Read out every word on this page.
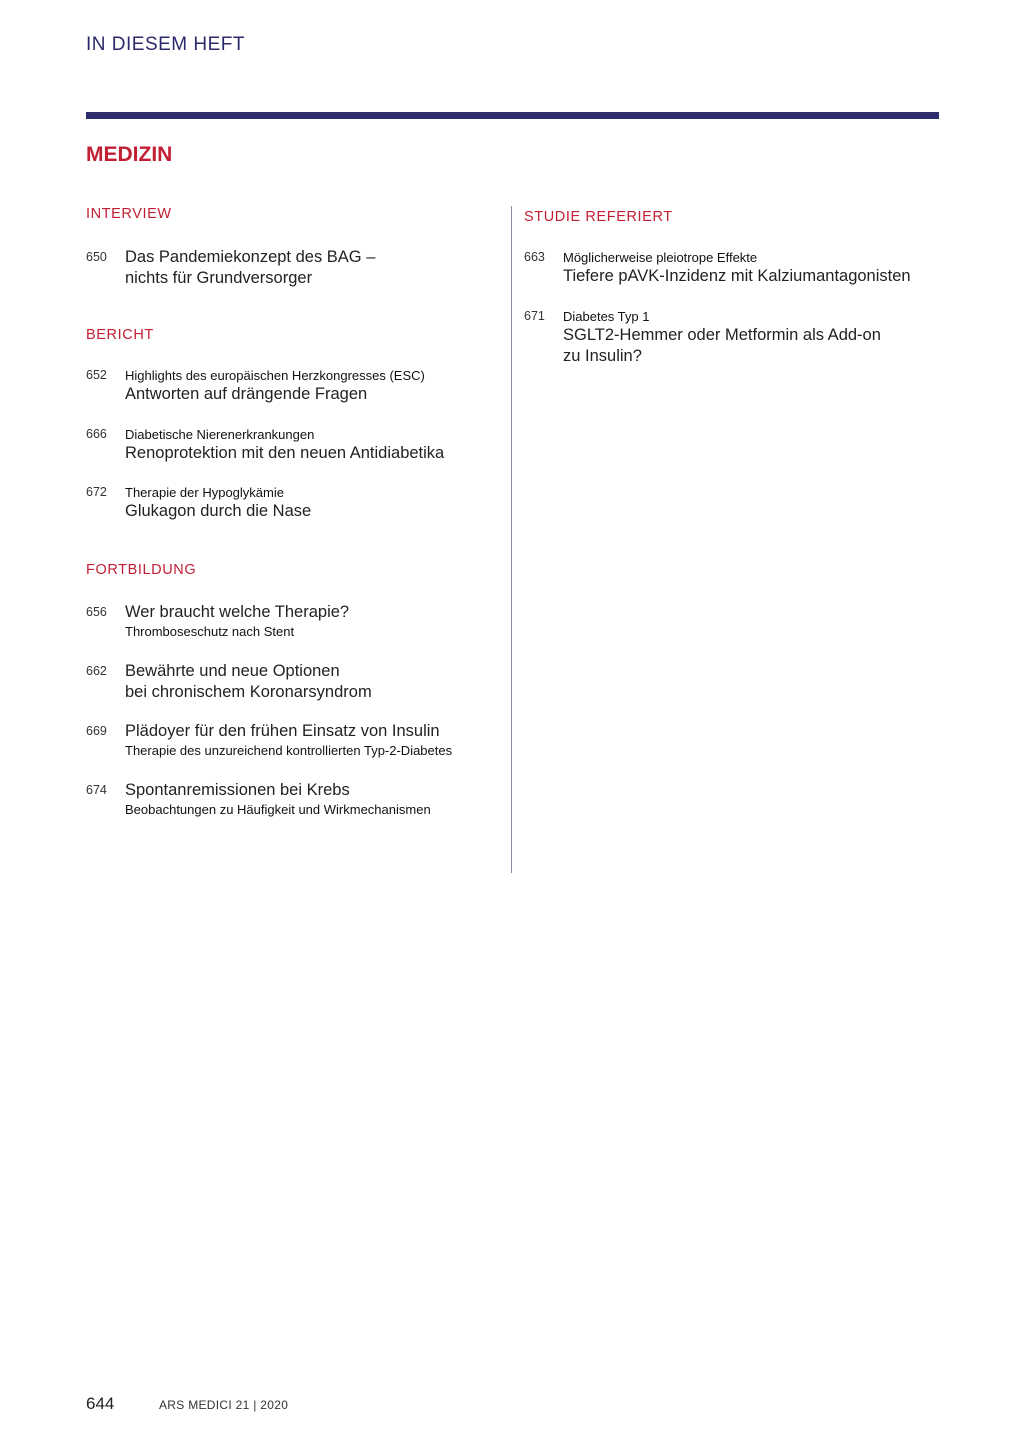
IN DIESEM HEFT
MEDIZIN
INTERVIEW
650 Das Pandemiekonzept des BAG –
nichts für Grundversorger
BERICHT
652 Highlights des europäischen Herzkongresses (ESC)
Antworten auf drängende Fragen
666 Diabetische Nierenerkrankungen
Renoprotektion mit den neuen Antidiabetika
672 Therapie der Hypoglykämie
Glukagon durch die Nase
FORTBILDUNG
656 Wer braucht welche Therapie?
Thromboseschutz nach Stent
662 Bewährte und neue Optionen
bei chronischem Koronarsyndrom
669 Plädoyer für den frühen Einsatz von Insulin
Therapie des unzureichend kontrollierten Typ-2-Diabetes
674 Spontanremissionen bei Krebs
Beobachtungen zu Häufigkeit und Wirkmechanismen
STUDIE REFERIERT
663 Möglicherweise pleiotrope Effekte
Tiefere pAVK-Inzidenz mit Kalziumantagonisten
671 Diabetes Typ 1
SGLT2-Hemmer oder Metformin als Add-on
zu Insulin?
644	ARS MEDICI 21 | 2020
